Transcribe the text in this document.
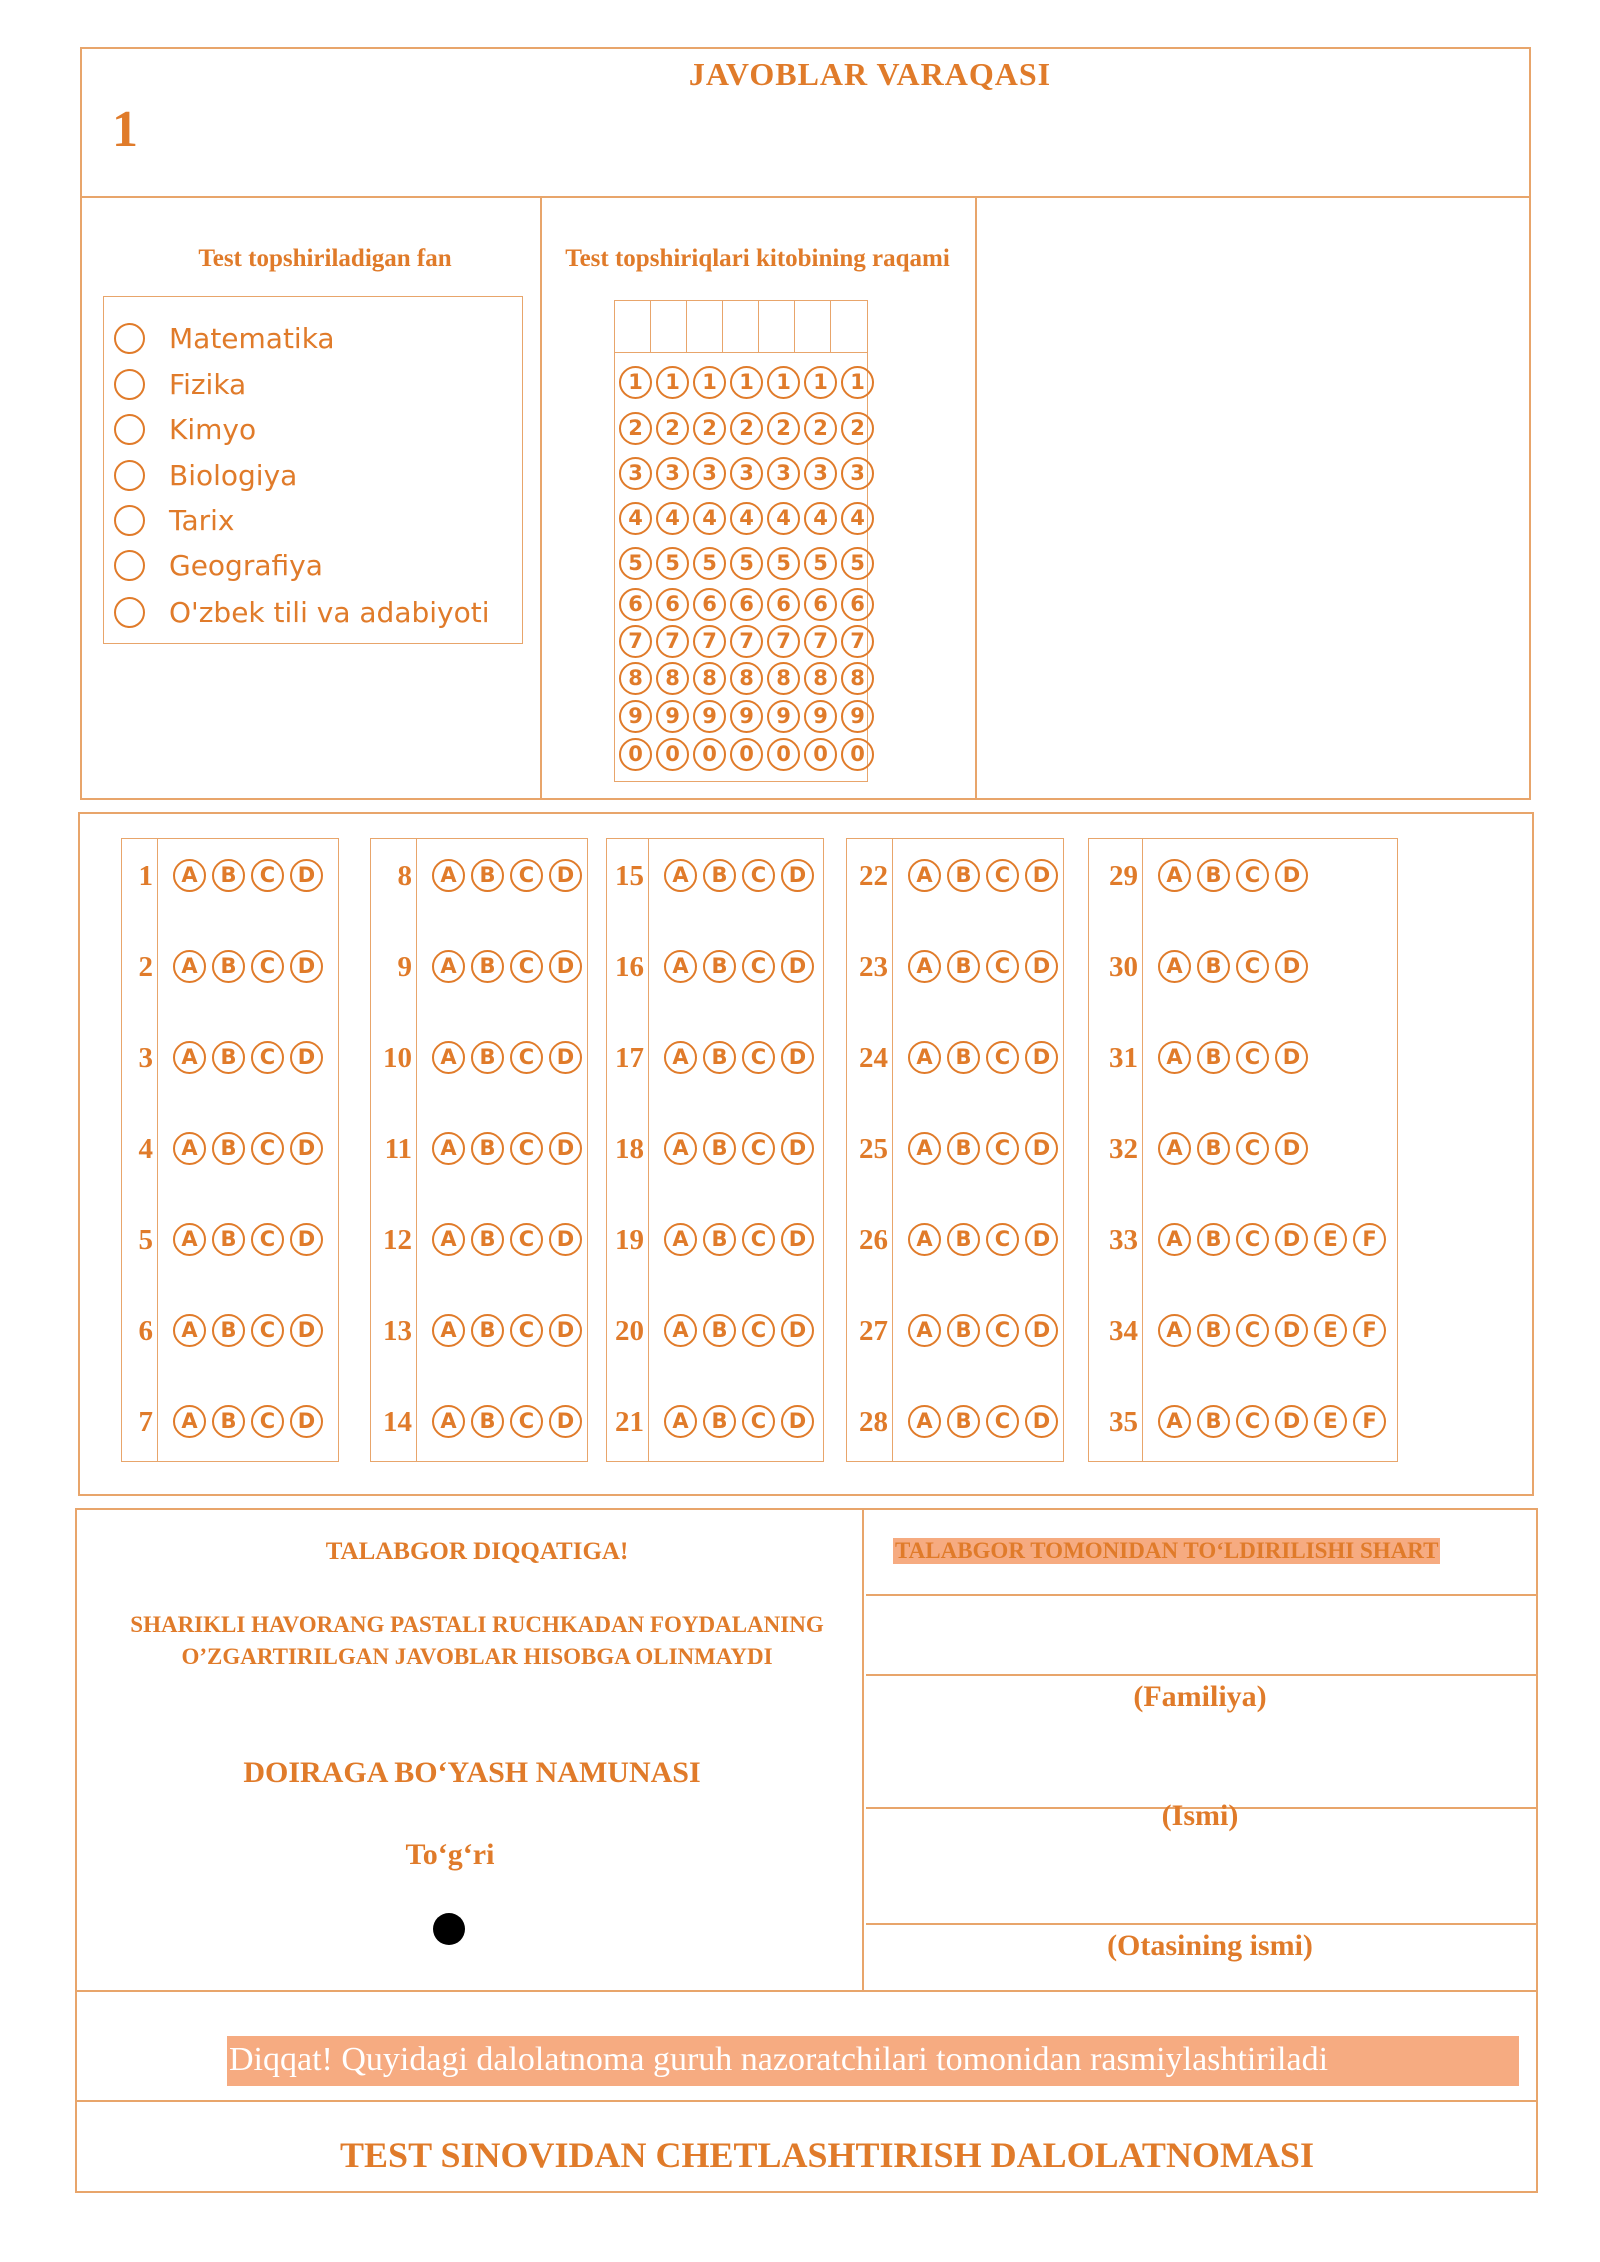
JAVOBLAR VARAQASI
1
Test topshiriladigan fan
Matematika
Fizika
Kimyo
Biologiya
Tarix
Geografiya
O'zbek tili va adabiyoti
Test topshiriqlari kitobining raqami
1	1	1	1	1	1	1
2	2	2	2	2	2	2
3	3	3	3	3	3	3
4	4	4	4	4	4	4
5	5	5	5	5	5	5
6	6	6	6	6	6	6
7	7	7	7	7	7	7
8	8	8	8	8	8	8
9	9	9	9	9	9	9
0	0	0	0	0	0	0
1	A	B	C	D
2	A	B	C	D
3	A	B	C	D
4	A	B	C	D
5	A	B	C	D
6	A	B	C	D
7	A	B	C	D
8	A	B	C	D
9	A	B	C	D
10	A	B	C	D
11	A	B	C	D
12	A	B	C	D
13	A	B	C	D
14	A	B	C	D
15	A	B	C	D
16	A	B	C	D
17	A	B	C	D
18	A	B	C	D
19	A	B	C	D
20	A	B	C	D
21	A	B	C	D
22	A	B	C	D
23	A	B	C	D
24	A	B	C	D
25	A	B	C	D
26	A	B	C	D
27	A	B	C	D
28	A	B	C	D
29	A	B	C	D
30	A	B	C	D
31	A	B	C	D
32	A	B	C	D
33	A	B	C	D	E	F
34	A	B	C	D	E	F
35	A	B	C	D	E	F
TALABGOR DIQQATIGA!
SHARIKLI HAVORANG PASTALI RUCHKADAN FOYDALANING
O’ZGARTIRILGAN JAVOBLAR HISOBGA OLINMAYDI
DOIRAGA BO‘YASH NAMUNASI
To‘g‘ri
TALABGOR TOMONIDAN TO‘LDIRILISHI SHART
(Familiya)
(Ismi)
(Otasining ismi)
Diqqat! Quyidagi dalolatnoma guruh nazoratchilari tomonidan rasmiylashtiriladi
TEST SINOVIDAN CHETLASHTIRISH DALOLATNOMASI
